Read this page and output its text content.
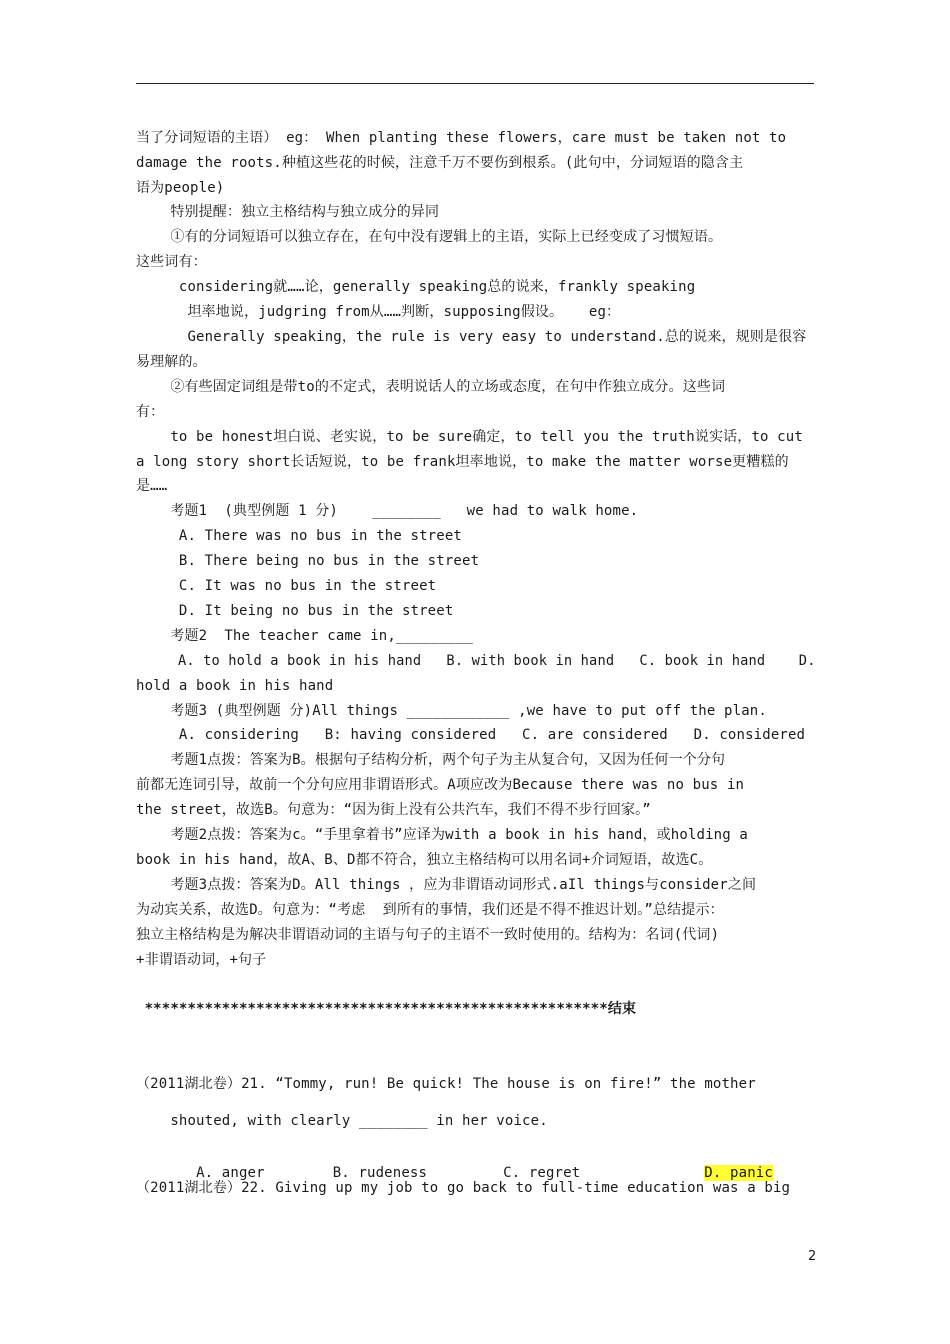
当了分词短语的主语） eg： When planting these flowers，care must be taken not to
damage the roots.种植这些花的时候，注意千万不要伤到根系。(此句中，分词短语的隐含主
语为people)
特别提醒：独立主格结构与独立成分的异同
①有的分词短语可以独立存在，在句中没有逻辑上的主语，实际上已经变成了习惯短语。
这些词有：
considering就……论，generally speaking总的说来，frankly speaking
坦率地说，judgring from从……判断，supposing假设。   eg：
Generally speaking，the rule is very easy to understand.总的说来，规则是很容
易理解的。
②有些固定词组是带to的不定式，表明说话人的立场或态度，在句中作独立成分。这些词
有：
to be honest坦白说、老实说，to be sure确定，to tell you the truth说实话，to cut
a long story short长话短说，to be frank坦率地说，to make the matter worse更糟糕的
是……
考题1  (典型例题 1 分)    ________   we had to walk home.
A. There was no bus in the street
B. There being no bus in the street
C. It was no bus in the street
D. It being no bus in the street
考题2  The teacher came in,_________
A. to hold a book in his hand   B. with book in hand   C. book in hand    D.
hold a book in his hand
考题3 (典型例题 分)All things ____________ ,we have to put off the plan.
A. considering   B: having considered   C. are considered   D. considered
考题1点拨：答案为B。根据句子结构分析，两个句子为主从复合句，又因为任何一个分句
前都无连词引导，故前一个分句应用非谓语形式。A项应改为Because there was no bus in
the street，故选B。句意为：“因为街上没有公共汽车，我们不得不步行回家。”
考题2点拨：答案为c。“手里拿着书”应译为with a book in his hand，或holding a
book in his hand，故A、B、D都不符合，独立主格结构可以用名词+介词短语，故选C。
考题3点拨：答案为D。All things ，应为非谓语动词形式.aIl things与consider之间
为动宾关系，故选D。句意为：“考虑  到所有的事情，我们还是不得不推迟计划。”总结提示：
独立主格结构是为解决非谓语动词的主语与句子的主语不一致时使用的。结构为：名词(代词)
+非谓语动词，+句子
******************************************************结束
（2011湖北卷）21. “Tommy, run! Be quick! The house is on fire!” the mother
shouted, with clearly ________ in her voice.

A. anger	B. rudeness	C. regret	D. panic

（2011湖北卷）22. Giving up my job to go back to full-time education was a big
2
